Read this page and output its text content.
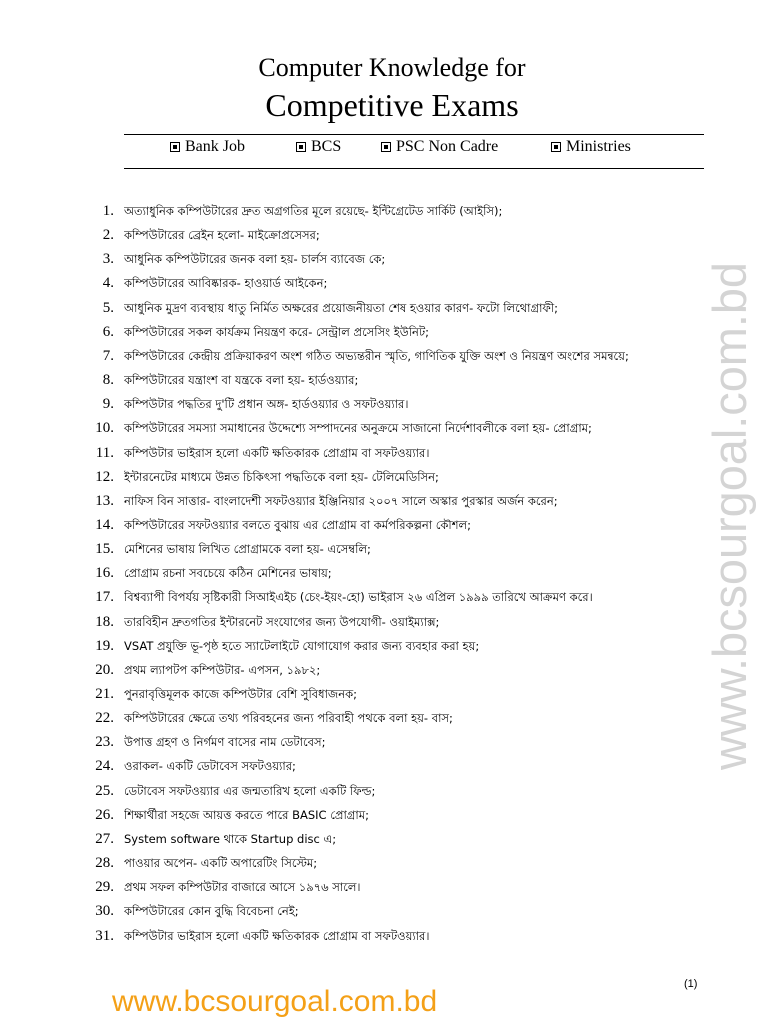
Computer Knowledge for
Competitive Exams
Bank Job	BCS	PSC Non Cadre	Ministries
1. অত্যাধুনিক কম্পিউটারের দ্রুত অগ্রগতির মূলে রয়েছে- ইন্টিগ্রেটেড সার্কিট (আইসি);
2. কম্পিউটারের ব্রেইন হলো- মাইক্রোপ্রসেসর;
3. আধুনিক কম্পিউটারের জনক বলা হয়- চার্লস ব্যাবেজ কে;
4. কম্পিউটারের আবিষ্কারক- হাওয়ার্ড আইকেন;
5. আধুনিক মুদ্রণ ব্যবস্থায় ধাতু নির্মিত অক্ষরের প্রয়োজনীয়তা শেষ হওয়ার কারণ- ফটো লিথোগ্রাফী;
6. কম্পিউটারের সকল কার্যক্রম নিয়ন্ত্রণ করে- সেন্ট্রাল প্রসেসিং ইউনিট;
7. কম্পিউটারের কেন্দ্রীয় প্রক্রিয়াকরণ অংশ গঠিত অভ্যন্তরীন স্মৃতি, গাণিতিক যুক্তি অংশ ও নিয়ন্ত্রণ অংশের সমন্বয়ে;
8. কম্পিউটারের যন্ত্রাংশ বা যন্ত্রকে বলা হয়- হার্ডওয়্যার;
9. কম্পিউটার পদ্ধতির দু'টি প্রধান অঙ্গ- হার্ডওয়্যার ও সফটওয়্যার।
10. কম্পিউটারের সমস্যা সমাধানের উদ্দেশ্যে সম্পাদনের অনুক্রমে সাজানো নির্দেশাবলীকে বলা হয়- প্রোগ্রাম;
11. কম্পিউটার ভাইরাস হলো একটি ক্ষতিকারক প্রোগ্রাম বা সফটওয়্যার।
12. ইন্টারনেটের মাধ্যমে উন্নত চিকিৎসা পদ্ধতিকে বলা হয়- টেলিমেডিসিন;
13. নাফিস বিন সাত্তার- বাংলাদেশী সফটওয়্যার ইঞ্জিনিয়ার ২০০৭ সালে অস্কার পুরস্কার অর্জন করেন;
14. কম্পিউটারের সফটওয়্যার বলতে বুঝায় এর প্রোগ্রাম বা কর্মপরিকল্পনা কৌশল;
15. মেশিনের ভাষায় লিখিত প্রোগ্রামকে বলা হয়- এসেম্বলি;
16. প্রোগ্রাম রচনা সবচেয়ে কঠিন মেশিনের ভাষায়;
17. বিশ্বব্যাপী বিপর্যয় সৃষ্টিকারী সিআইএইচ (চেং-ইয়ং-হো) ভাইরাস ২৬ এপ্রিল ১৯৯৯ তারিখে আক্রমণ করে।
18. তারবিহীন দ্রুতগতির ইন্টারনেট সংযোগের জন্য উপযোগী- ওয়াইম্যাক্স;
19. VSAT প্রযুক্তি ভূ-পৃষ্ঠ হতে স্যাটেলাইটে যোগাযোগ করার জন্য ব্যবহার করা হয়;
20. প্রথম ল্যাপটপ কম্পিউটার- এপসন, ১৯৮২;
21. পুনরাবৃত্তিমূলক কাজে কম্পিউটার বেশি সুবিধাজনক;
22. কম্পিউটারের ক্ষেত্রে তথ্য পরিবহনের জন্য পরিবাহী পথকে বলা হয়- বাস;
23. উপাত্ত গ্রহণ ও নির্গমণ বাসের নাম ডেটাবেস;
24. ওরাকল- একটি ডেটাবেস সফটওয়্যার;
25. ডেটাবেস সফটওয়্যার এর জন্মতারিখ হলো একটি ফিল্ড;
26. শিক্ষার্থীরা সহজে আয়ত্ত করতে পারে BASIC প্রোগ্রাম;
27. System software থাকে Startup disc এ;
28. পাওয়ার অপেন- একটি অপারেটিং সিস্টেম;
29. প্রথম সফল কম্পিউটার বাজারে আসে ১৯৭৬ সালে।
30. কম্পিউটারের কোন বুদ্ধি বিবেচনা নেই;
31. কম্পিউটার ভাইরাস হলো একটি ক্ষতিকারক প্রোগ্রাম বা সফটওয়্যার।
www.bcsourgoal.com.bd
www.bcsourgoal.com.bd
(1)
